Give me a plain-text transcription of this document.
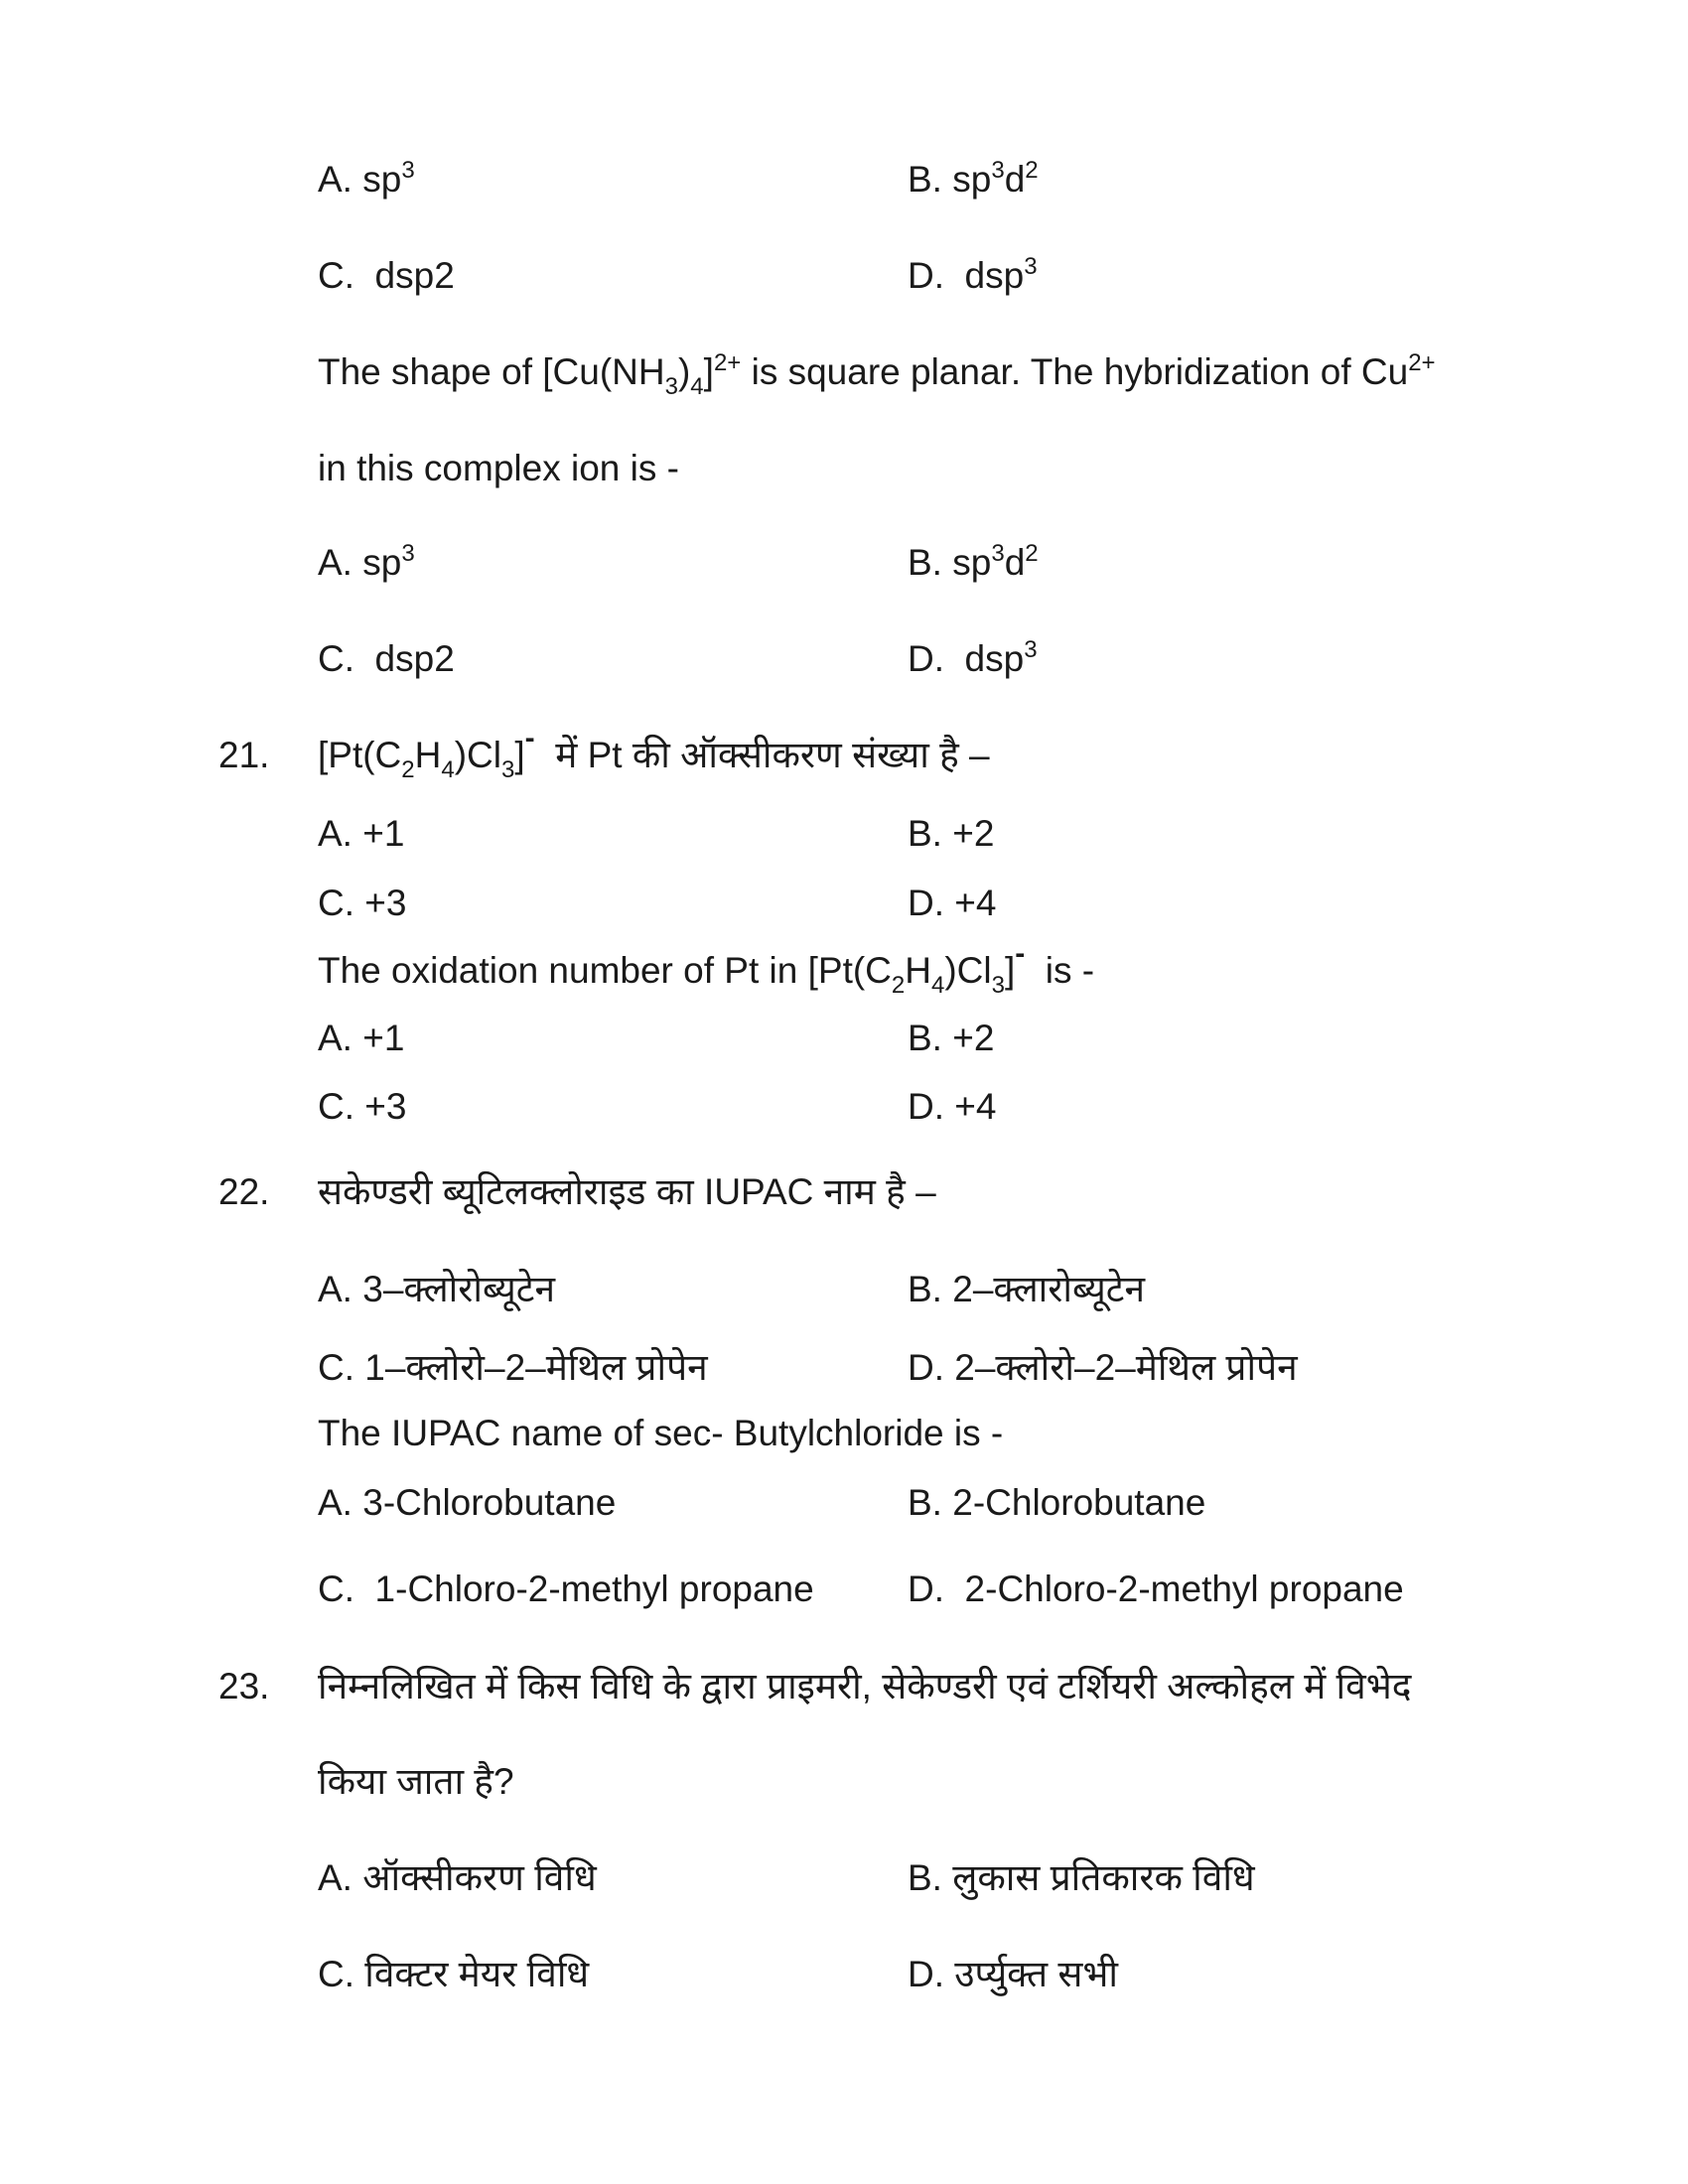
A. $sp^3$	B. $sp^3d^2$
C.  dsp2	D.  dsp$^3$
The shape of $[Cu(NH_3)_4]^{2+}$ is square planar. The hybridization of $Cu^{2+}$
in this complex ion is -
A. $sp^3$	B. $sp^3d^2$
C.  dsp2	D.  dsp$^3$
21. $[Pt(C_2H_4)Cl_3]^-$  में Pt की ऑक्सीकरण संख्या है –
A. +1	B. +2
C. +3	D. +4
The oxidation number of Pt in $[Pt(C_2H_4)Cl_3]^-$  is -
A. +1	B. +2
C. +3	D. +4
22. सकेण्डरी ब्यूटिलक्लोराइड का IUPAC नाम है –
A. 3–क्लोरोब्यूटेन	B. 2–क्लारोब्यूटेन
C. 1–क्लोरो–2–मेथिल प्रोपेन	D. 2–क्लोरो–2–मेथिल प्रोपेन
The IUPAC name of sec- Butylchloride is -
A. 3-Chlorobutane	B. 2-Chlorobutane
C.  1-Chloro-2-methyl propane	D.  2-Chloro-2-methyl propane
23. निम्नलिखित में किस विधि के द्वारा प्राइमरी, सेकेण्डरी एवं टर्शियरी अल्कोहल में विभेद
किया जाता है?
A. ऑक्सीकरण विधि	B. लुकास प्रतिकारक विधि
C. विक्टर मेयर विधि	D. उर्प्युक्त सभी
